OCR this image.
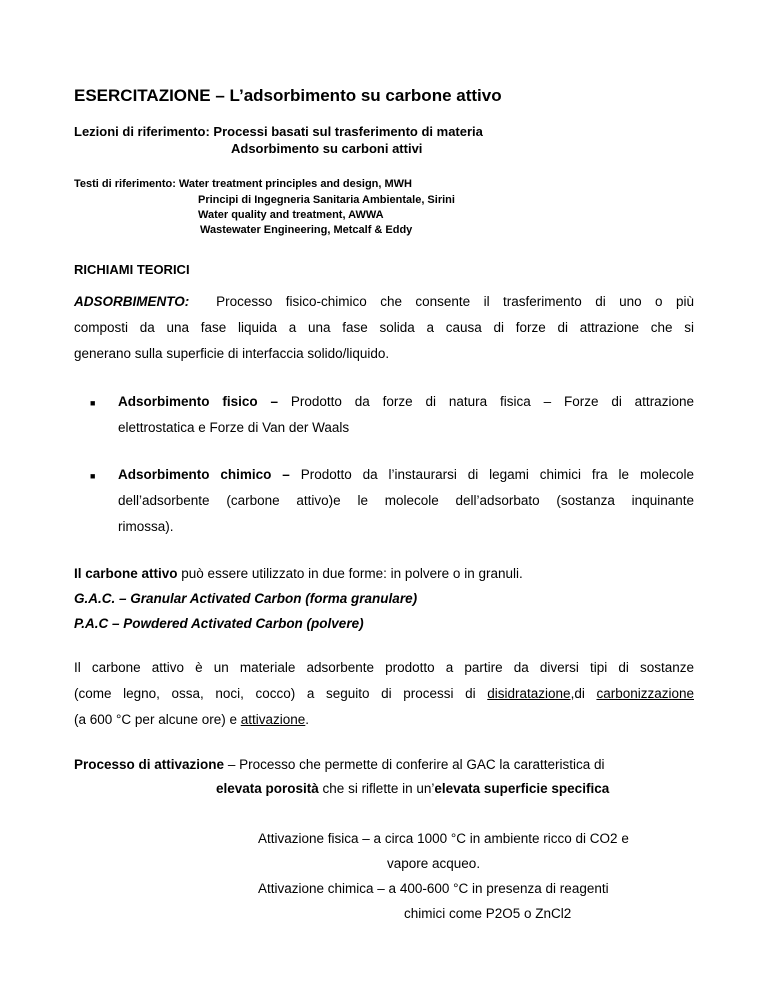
ESERCITAZIONE – L’adsorbimento su carbone attivo
Lezioni di riferimento: Processi basati sul trasferimento di materia
Adsorbimento su carboni attivi
Testi di riferimento: Water treatment principles and design, MWH
Principi di Ingegneria Sanitaria Ambientale, Sirini
Water quality and treatment, AWWA
Wastewater Engineering, Metcalf & Eddy
RICHIAMI TEORICI
ADSORBIMENTO: Processo fisico-chimico che consente il trasferimento di uno o più
composti da una fase liquida a una fase solida a causa di forze di attrazione che si
generano sulla superficie di interfaccia solido/liquido.
■ Adsorbimento fisico – Prodotto da forze di natura fisica – Forze di attrazione
elettrostatica e Forze di Van der Waals
■ Adsorbimento chimico – Prodotto da l’instaurarsi di legami chimici fra le molecole
dell’adsorbente (carbone attivo)e le molecole dell’adsorbato (sostanza inquinante
rimossa).
Il carbone attivo può essere utilizzato in due forme: in polvere o in granuli.
G.A.C. – Granular Activated Carbon (forma granulare)
P.A.C – Powdered Activated Carbon (polvere)
Il carbone attivo è un materiale adsorbente prodotto a partire da diversi tipi di sostanze
(come legno, ossa, noci, cocco) a seguito di processi di disidratazione,di carbonizzazione
(a 600 °C per alcune ore) e attivazione.
Processo di attivazione – Processo che permette di conferire al GAC la caratteristica di
elevata porosità che si riflette in un’elevata superficie specifica
Attivazione fisica – a circa 1000 °C in ambiente ricco di CO2 e
vapore acqueo.
Attivazione chimica – a 400-600 °C in presenza di reagenti
chimici come P2O5 o ZnCl2
